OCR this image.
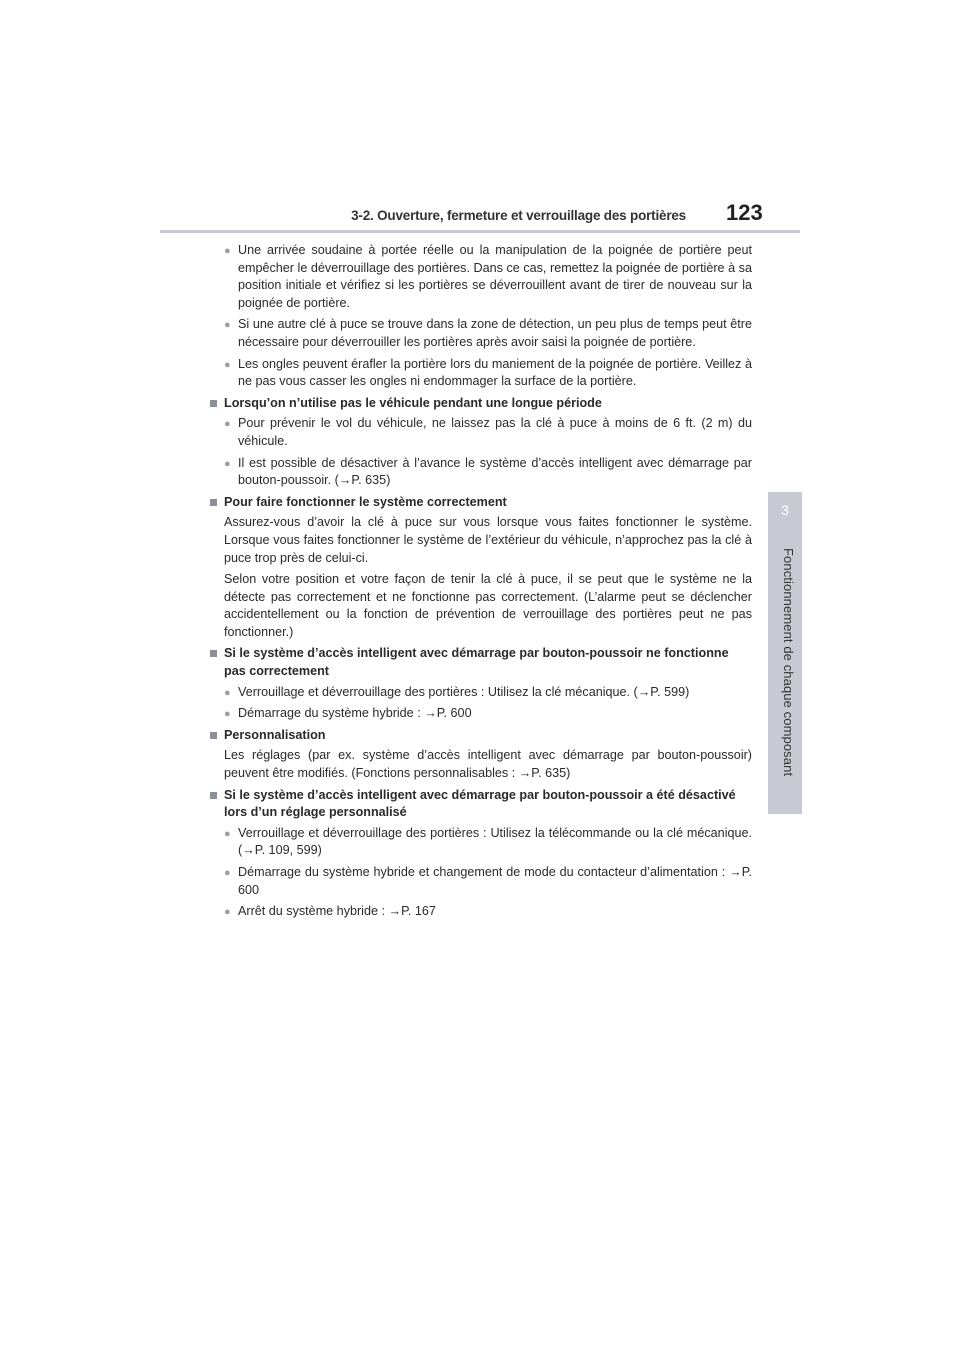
3-2. Ouverture, fermeture et verrouillage des portières 123
3
Fonctionnement de chaque composant
● Une arrivée soudaine à portée réelle ou la manipulation de la poignée de portière peut empêcher le déverrouillage des portières. Dans ce cas, remettez la poignée de portière à sa position initiale et vérifiez si les portières se déverrouillent avant de tirer de nouveau sur la poignée de portière.
● Si une autre clé à puce se trouve dans la zone de détection, un peu plus de temps peut être nécessaire pour déverrouiller les portières après avoir saisi la poignée de portière.
● Les ongles peuvent érafler la portière lors du maniement de la poignée de portière. Veillez à ne pas vous casser les ongles ni endommager la surface de la portière.
Lorsqu’on n’utilise pas le véhicule pendant une longue période
● Pour prévenir le vol du véhicule, ne laissez pas la clé à puce à moins de 6 ft. (2 m) du véhicule.
● Il est possible de désactiver à l’avance le système d’accès intelligent avec démarrage par bouton-poussoir. (→P. 635)
Pour faire fonctionner le système correctement
Assurez-vous d’avoir la clé à puce sur vous lorsque vous faites fonctionner le système. Lorsque vous faites fonctionner le système de l’extérieur du véhicule, n’approchez pas la clé à puce trop près de celui-ci.
Selon votre position et votre façon de tenir la clé à puce, il se peut que le système ne la détecte pas correctement et ne fonctionne pas correctement. (L’alarme peut se déclencher accidentellement ou la fonction de prévention de verrouillage des portières peut ne pas fonctionner.)
Si le système d’accès intelligent avec démarrage par bouton-poussoir ne fonctionne pas correctement
● Verrouillage et déverrouillage des portières : Utilisez la clé mécanique. (→P. 599)
● Démarrage du système hybride : →P. 600
Personnalisation
Les réglages (par ex. système d’accès intelligent avec démarrage par bouton-poussoir) peuvent être modifiés. (Fonctions personnalisables : →P. 635)
Si le système d’accès intelligent avec démarrage par bouton-poussoir a été désactivé lors d’un réglage personnalisé
● Verrouillage et déverrouillage des portières : Utilisez la télécommande ou la clé mécanique. (→P. 109, 599)
● Démarrage du système hybride et changement de mode du contacteur d’alimentation : →P. 600
● Arrêt du système hybride : →P. 167
